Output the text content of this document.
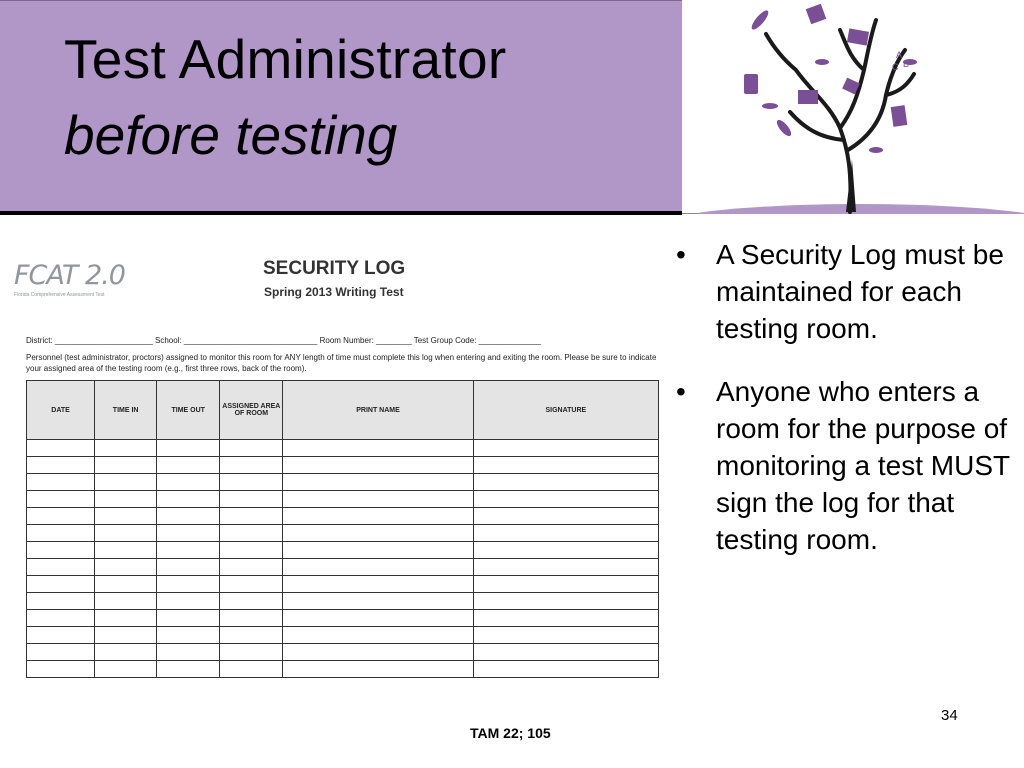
Test Administrator
before testing
A
C B
FCAT 2.0
Florida Comprehensive Assessment Test
SECURITY LOG
Spring 2013 Writing Test
District: ______________________ School: ______________________________ Room Number: ________ Test Group Code: ______________
Personnel (test administrator, proctors) assigned to monitor this room for ANY length of time must complete this log when entering and exiting the room. Please be sure to indicate your assigned area of the testing room (e.g., first three rows, back of the room).
DATE	TIME IN	TIME OUT	ASSIGNED AREA OF ROOM	PRINT NAME	SIGNATURE

TAM 22; 105
• A Security Log must be maintained for each testing room.
• Anyone who enters a room for the purpose of monitoring a test MUST sign the log for that testing room.
34
